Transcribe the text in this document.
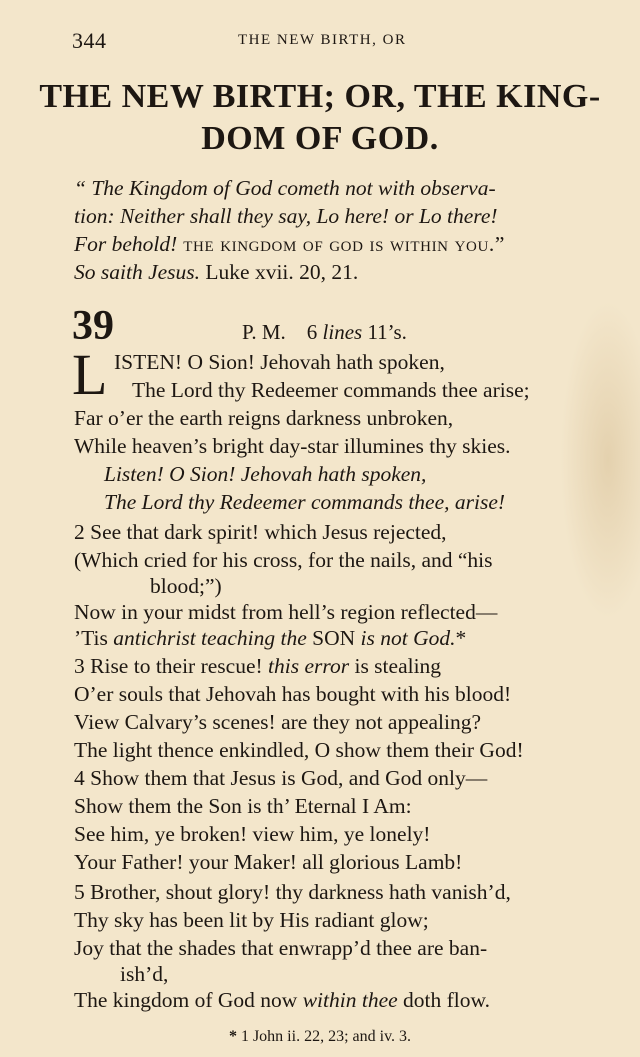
344	THE NEW BIRTH, OR
THE NEW BIRTH; OR, THE KING-
DOM OF GOD.
“ The Kingdom of God cometh not with observa-
tion: Neither shall they say, Lo here! or Lo there!
For behold! the kingdom of god is within you.”
So saith Jesus. Luke xvii. 20, 21.
39	P. M. 6 lines 11’s.
L ISTEN! O Sion! Jehovah hath spoken,
The Lord thy Redeemer commands thee arise;
Far o’er the earth reigns darkness unbroken,
While heaven’s bright day-star illumines thy skies.
Listen! O Sion! Jehovah hath spoken,
The Lord thy Redeemer commands thee, arise!
2 See that dark spirit! which Jesus rejected,
(Which cried for his cross, for the nails, and “his
blood;”)
Now in your midst from hell’s region reflected—
’Tis antichrist teaching the SON is not God.*
3 Rise to their rescue! this error is stealing
O’er souls that Jehovah has bought with his blood!
View Calvary’s scenes! are they not appealing?
The light thence enkindled, O show them their God!
4 Show them that Jesus is God, and God only—
Show them the Son is th’ Eternal I Am:
See him, ye broken! view him, ye lonely!
Your Father! your Maker! all glorious Lamb!
5 Brother, shout glory! thy darkness hath vanish’d,
Thy sky has been lit by His radiant glow;
Joy that the shades that enwrapp’d thee are ban-
ish’d,
The kingdom of God now within thee doth flow.
* 1 John ii. 22, 23; and iv. 3.
